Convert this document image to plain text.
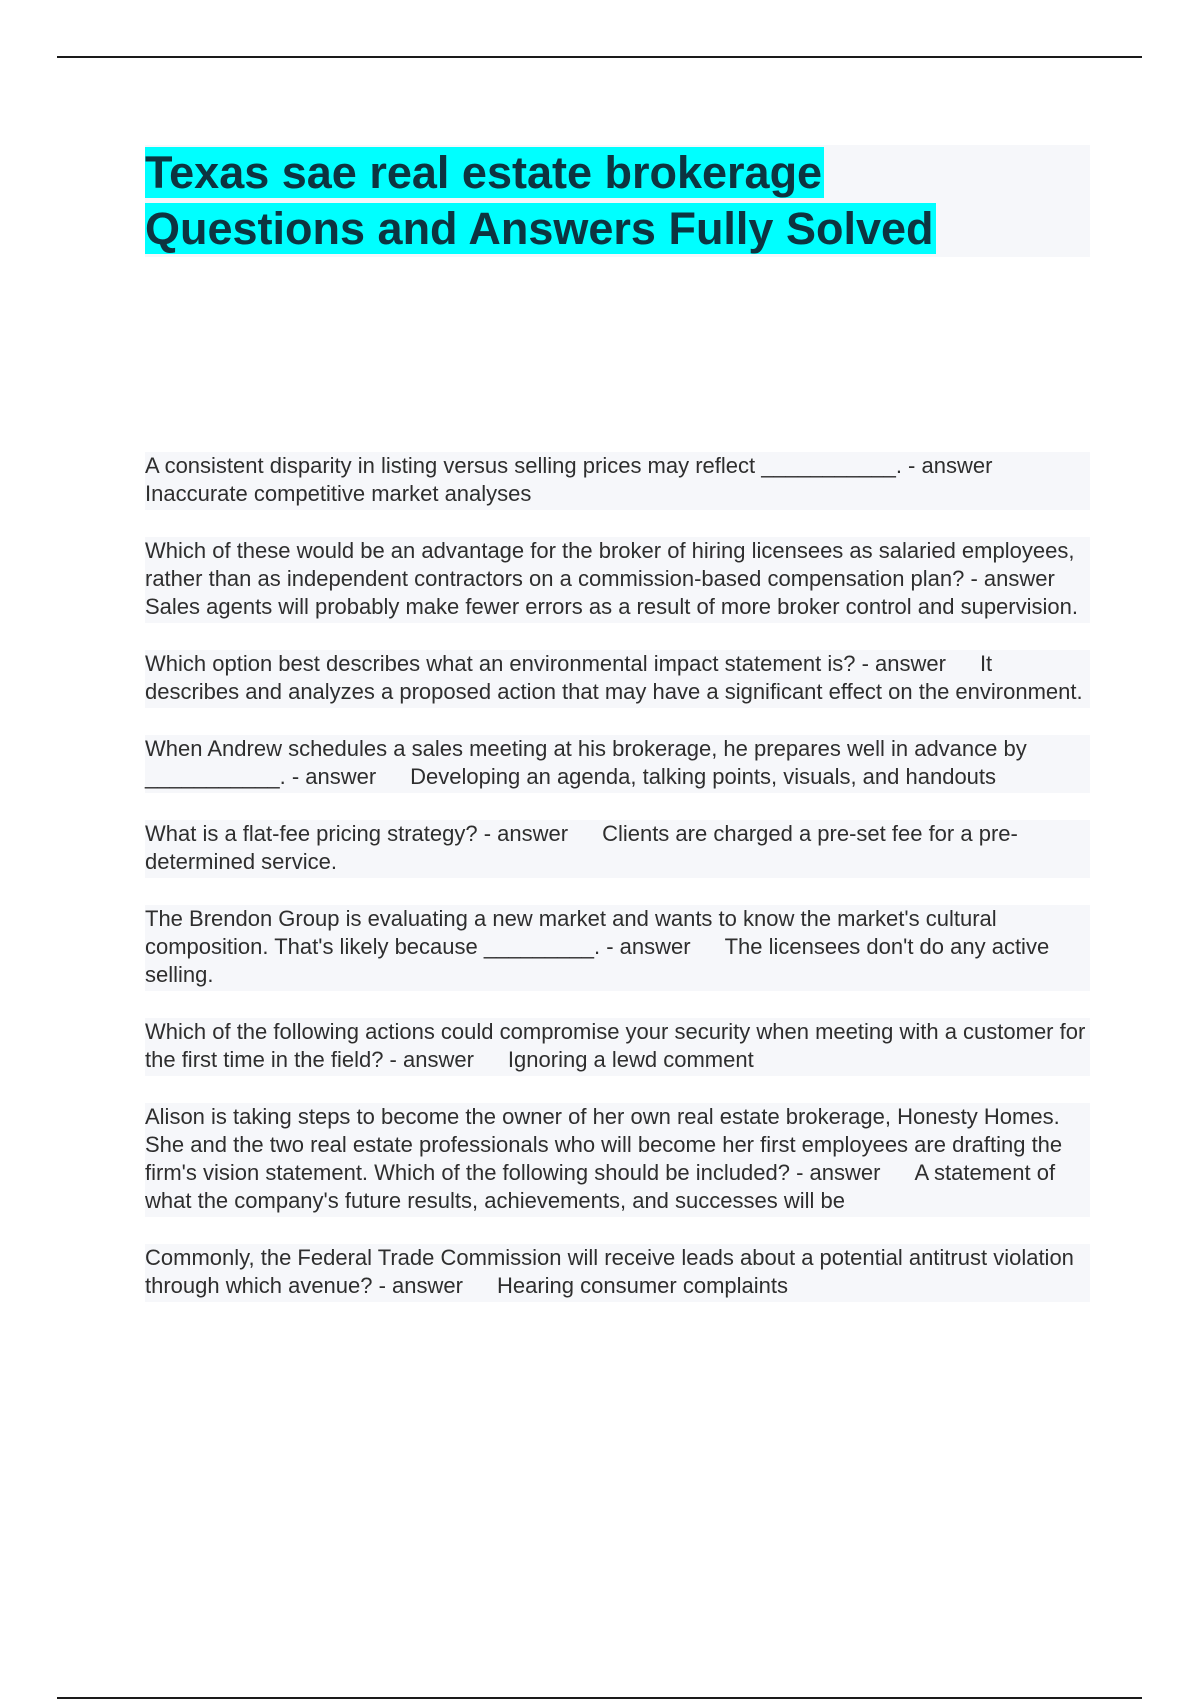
Texas sae real estate brokerage
Questions and Answers Fully Solved

A consistent disparity in listing versus selling prices may reflect ___________. - answer Inaccurate competitive market analyses

Which of these would be an advantage for the broker of hiring licensees as salaried employees, rather than as independent contractors on a commission-based compensation plan? - answerSales agents will probably make fewer errors as a result of more broker control and supervision.

Which option best describes what an environmental impact statement is? - answer It describes and analyzes a proposed action that may have a significant effect on the environment.

When Andrew schedules a sales meeting at his brokerage, he prepares well in advance by ___________. - answer Developing an agenda, talking points, visuals, and handouts

What is a flat-fee pricing strategy? - answer Clients are charged a pre-set fee for a pre-determined service.

The Brendon Group is evaluating a new market and wants to know the market's cultural composition. That's likely because _________. - answer The licensees don't do any active selling.

Which of the following actions could compromise your security when meeting with a customer for the first time in the field? - answer Ignoring a lewd comment

Alison is taking steps to become the owner of her own real estate brokerage, Honesty Homes. She and the two real estate professionals who will become her first employees are drafting the firm's vision statement. Which of the following should be included? - answer A statement of what the company's future results, achievements, and successes will be

Commonly, the Federal Trade Commission will receive leads about a potential antitrust violation through which avenue? - answer Hearing consumer complaints
